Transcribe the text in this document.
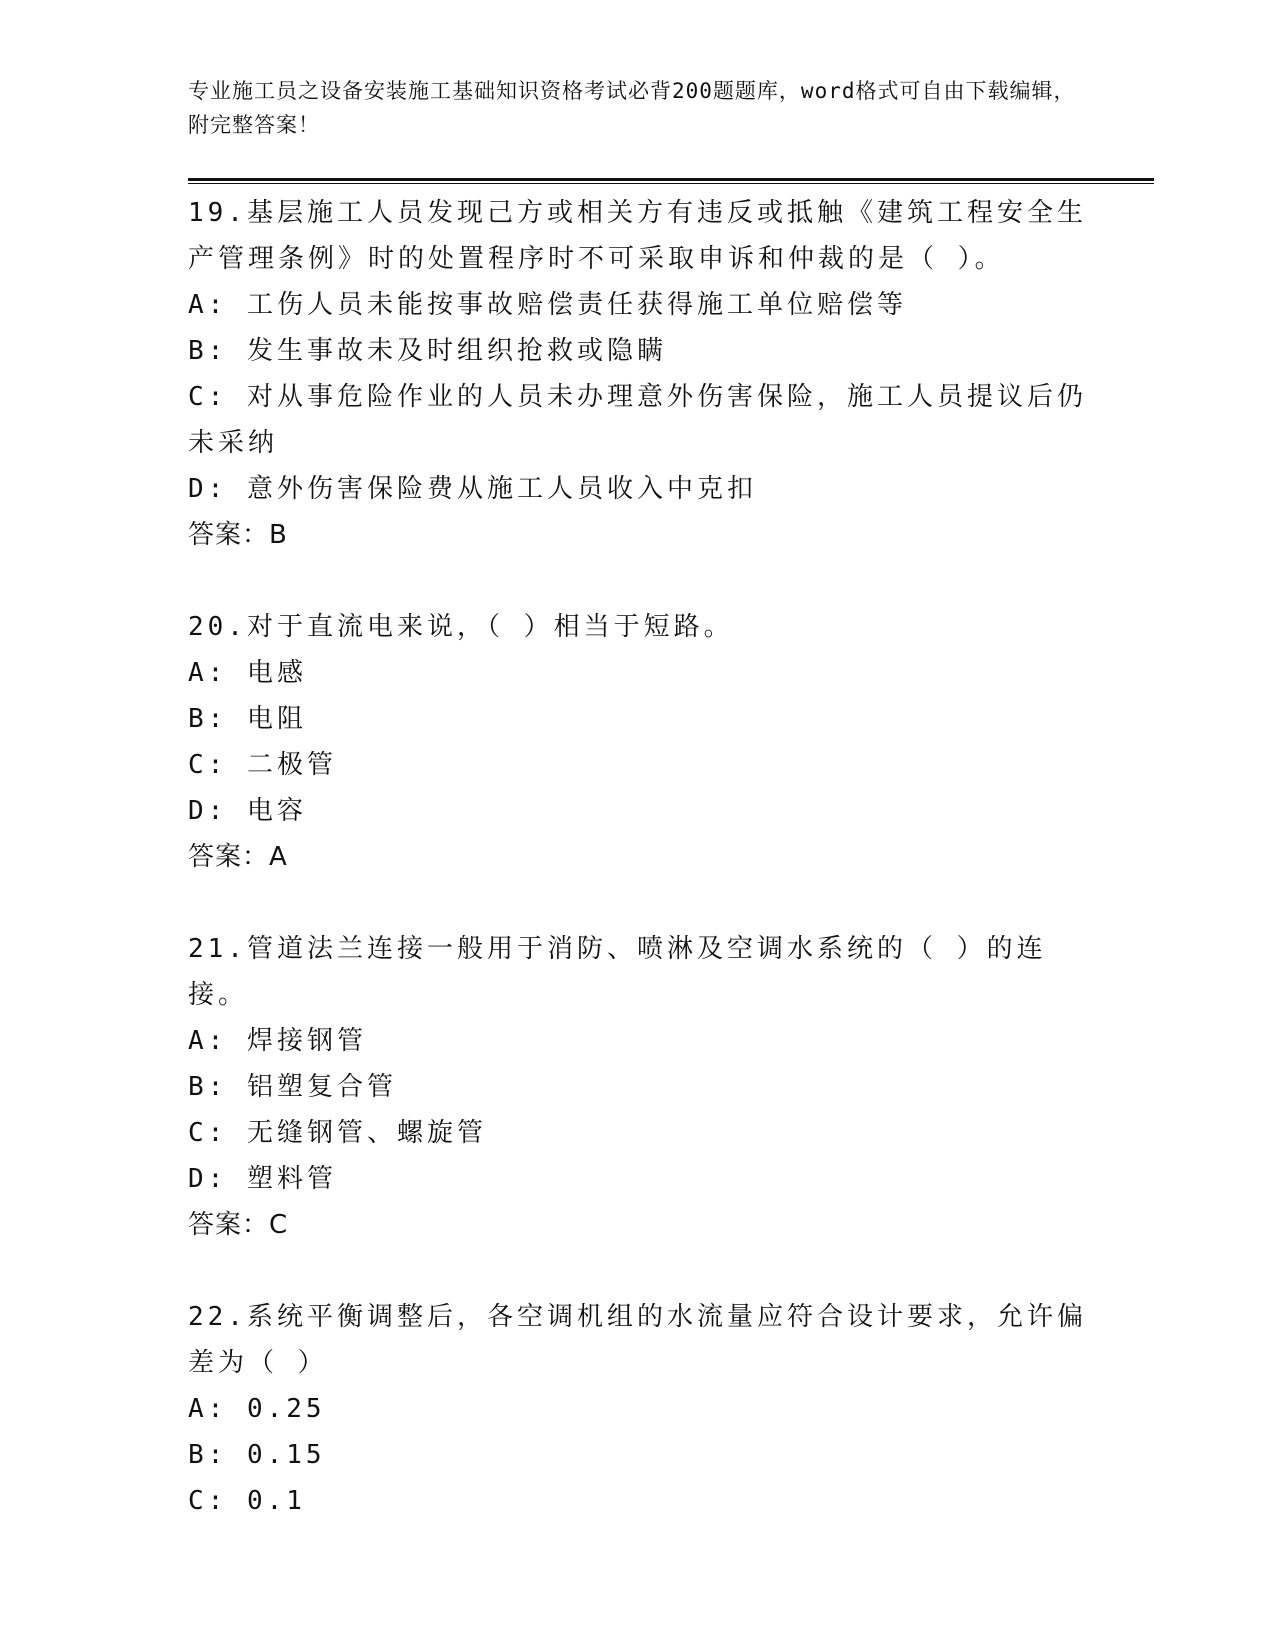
专业施工员之设备安装施工基础知识资格考试必背200题题库，word格式可自由下载编辑，附完整答案！
19.基层施工人员发现己方或相关方有违反或抵触《建筑工程安全生产管理条例》时的处置程序时不可采取申诉和仲裁的是（ ）。
A: 工伤人员未能按事故赔偿责任获得施工单位赔偿等
B: 发生事故未及时组织抢救或隐瞒
C: 对从事危险作业的人员未办理意外伤害保险，施工人员提议后仍未采纳
D: 意外伤害保险费从施工人员收入中克扣
答案：B
20.对于直流电来说，（ ）相当于短路。
A: 电感
B: 电阻
C: 二极管
D: 电容
答案：A
21.管道法兰连接一般用于消防、喷淋及空调水系统的（ ）的连接。
A: 焊接钢管
B: 铝塑复合管
C: 无缝钢管、螺旋管
D: 塑料管
答案：C
22.系统平衡调整后，各空调机组的水流量应符合设计要求，允许偏差为（ ）
A: 0.25
B: 0.15
C: 0.1
